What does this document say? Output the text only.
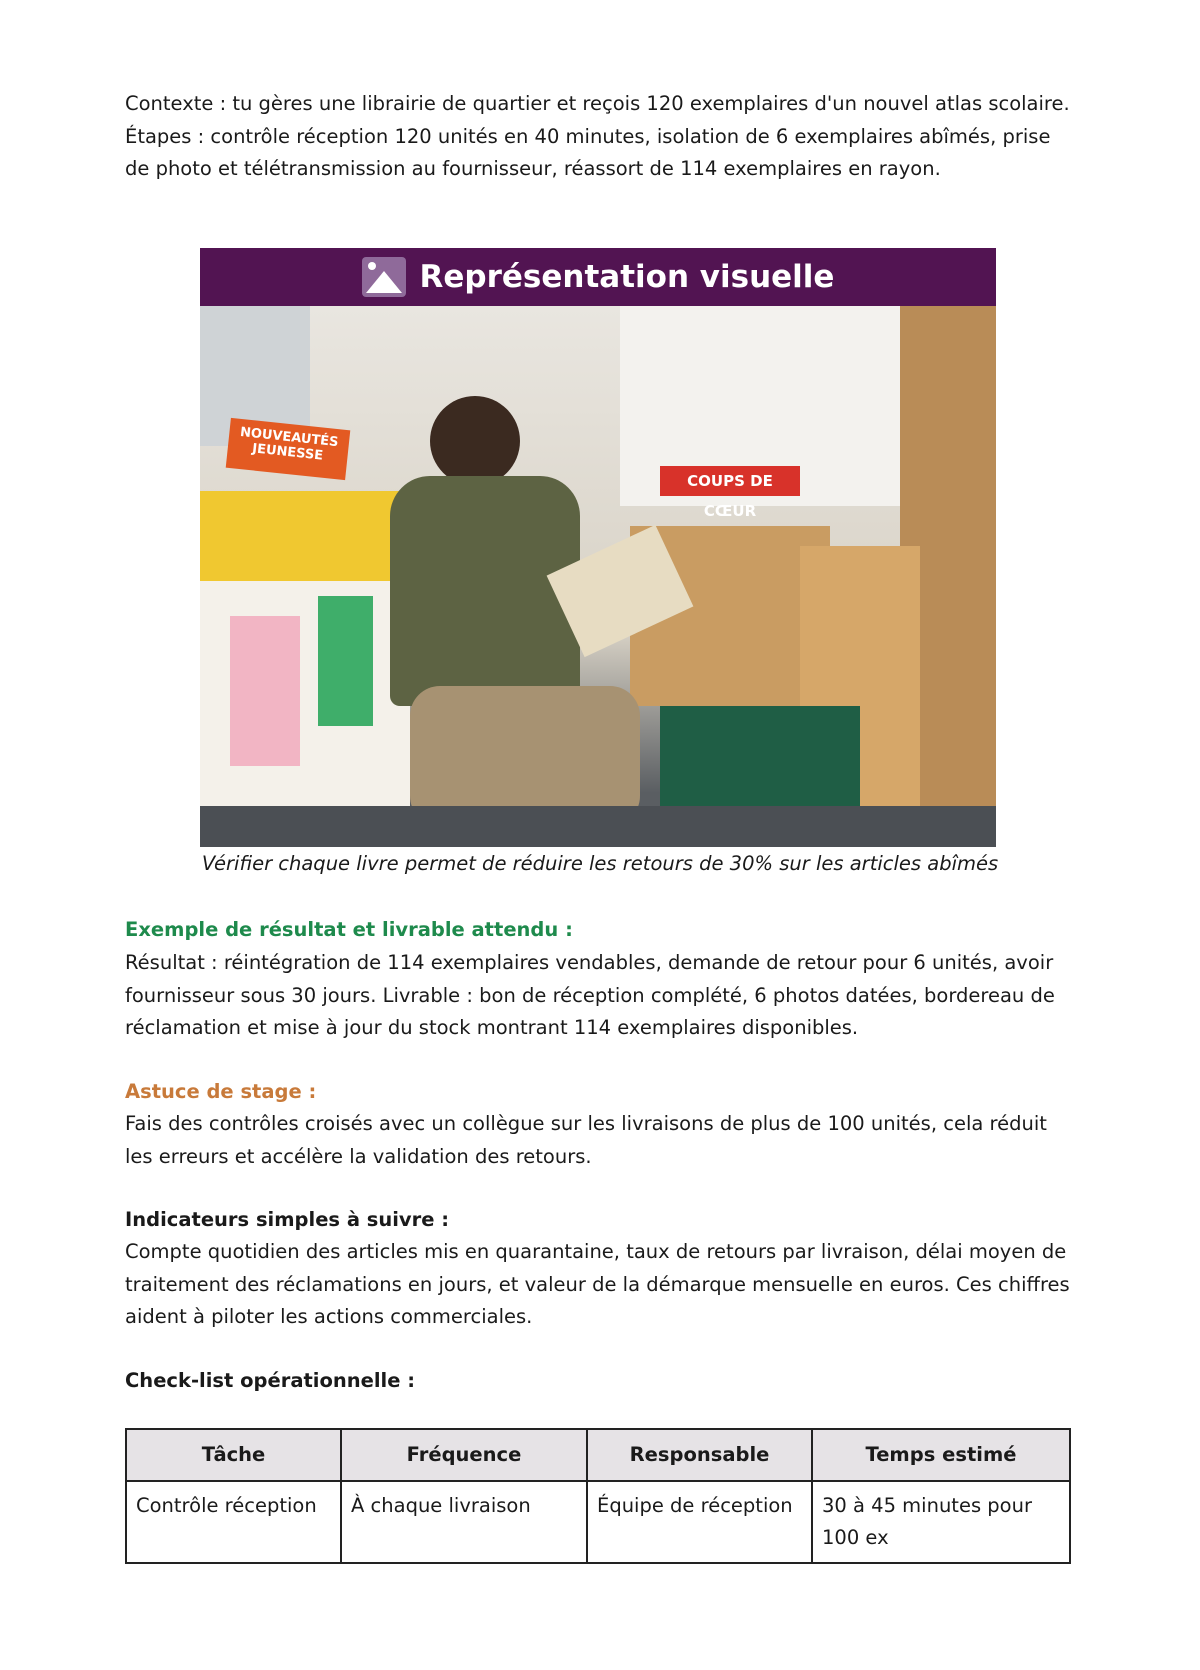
Contexte : tu gères une librairie de quartier et reçois 120 exemplaires d'un nouvel atlas scolaire. Étapes : contrôle réception 120 unités en 40 minutes, isolation de 6 exemplaires abîmés, prise de photo et télétransmission au fournisseur, réassort de 114 exemplaires en rayon.

Représentation visuelle
NOUVEAUTÉS JEUNESSE
COUPS DE CŒUR

Vérifier chaque livre permet de réduire les retours de 30% sur les articles abîmés

Exemple de résultat et livrable attendu :

Résultat : réintégration de 114 exemplaires vendables, demande de retour pour 6 unités, avoir fournisseur sous 30 jours. Livrable : bon de réception complété, 6 photos datées, bordereau de réclamation et mise à jour du stock montrant 114 exemplaires disponibles.

Astuce de stage :

Fais des contrôles croisés avec un collègue sur les livraisons de plus de 100 unités, cela réduit les erreurs et accélère la validation des retours.

Indicateurs simples à suivre :

Compte quotidien des articles mis en quarantaine, taux de retours par livraison, délai moyen de traitement des réclamations en jours, et valeur de la démarque mensuelle en euros. Ces chiffres aident à piloter les actions commerciales.

Check-list opérationnelle :

Tâche	Fréquence	Responsable	Temps estimé
Contrôle réception	À chaque livraison	Équipe de réception	30 à 45 minutes pour 100 ex
